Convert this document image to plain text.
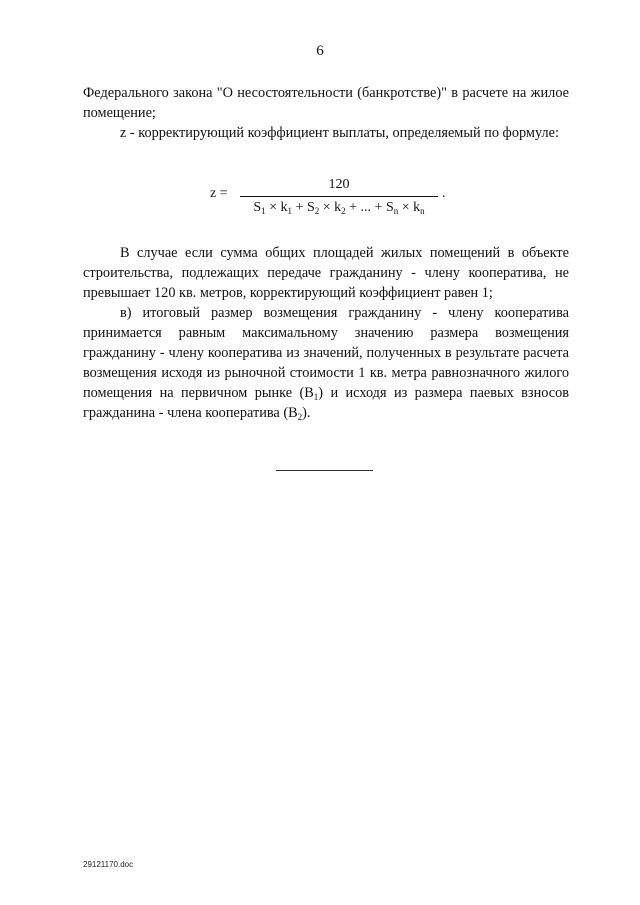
6

Федерального закона "О несостоятельности (банкротстве)" в расчете на жилое помещение;

z - корректирующий коэффициент выплаты, определяемый по формуле:

z =
120
$S_1 \times k_1 + S_2 \times k_2$ + ... + $S_n \times k_n$
.

В случае если сумма общих площадей жилых помещений в объекте строительства, подлежащих передаче гражданину - члену кооператива, не превышает 120 кв. метров, корректирующий коэффициент равен 1;

в) итоговый размер возмещения гражданину - члену кооператива принимается равным максимальному значению размера возмещения гражданину - члену кооператива из значений, полученных в результате расчета возмещения исходя из рыночной стоимости 1 кв. метра равнозначного жилого помещения на первичном рынке $(В_1)$ и исходя из размера паевых взносов гражданина - члена кооператива $(В_2)$.

29121170.doc
